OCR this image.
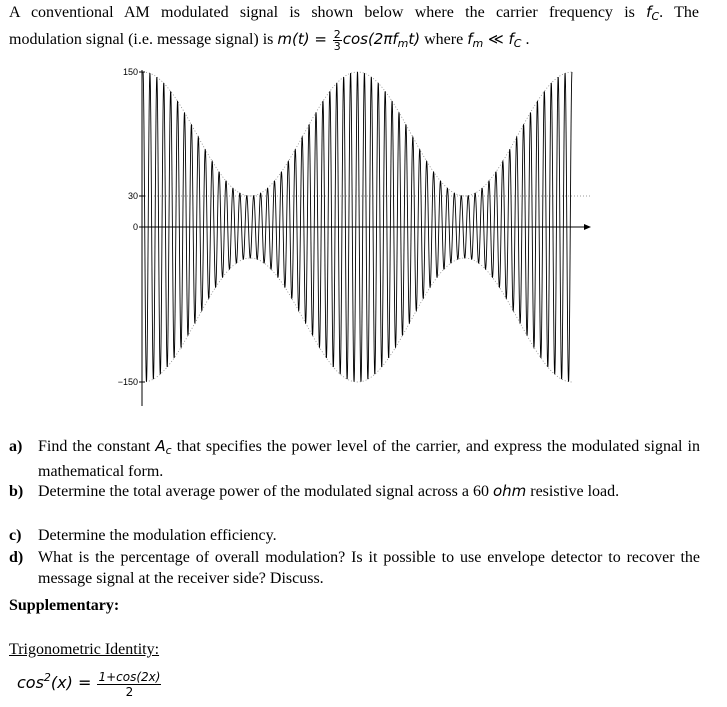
A conventional AM modulated signal is shown below where the carrier frequency is $f_C$. The
modulation signal (i.e. message signal) is $m(t) = \frac{2}{3} \cos(2\pi f_mt)$ where $f_m$ ≪ $f_C$ .
150
30
0
−150
a) Find the constant $A_c$ that specifies the power level of the carrier, and express the modulated signal in mathematical form.
b) Determine the total average power of the modulated signal across a 60 ohm resistive load.
c) Determine the modulation efficiency.
d) What is the percentage of overall modulation? Is it possible to use envelope detector to recover the message signal at the receiver side? Discuss.
Supplementary:
Trigonometric Identity:
$\cos^2(x) = \frac{1+\cos(2x)}{2}$
